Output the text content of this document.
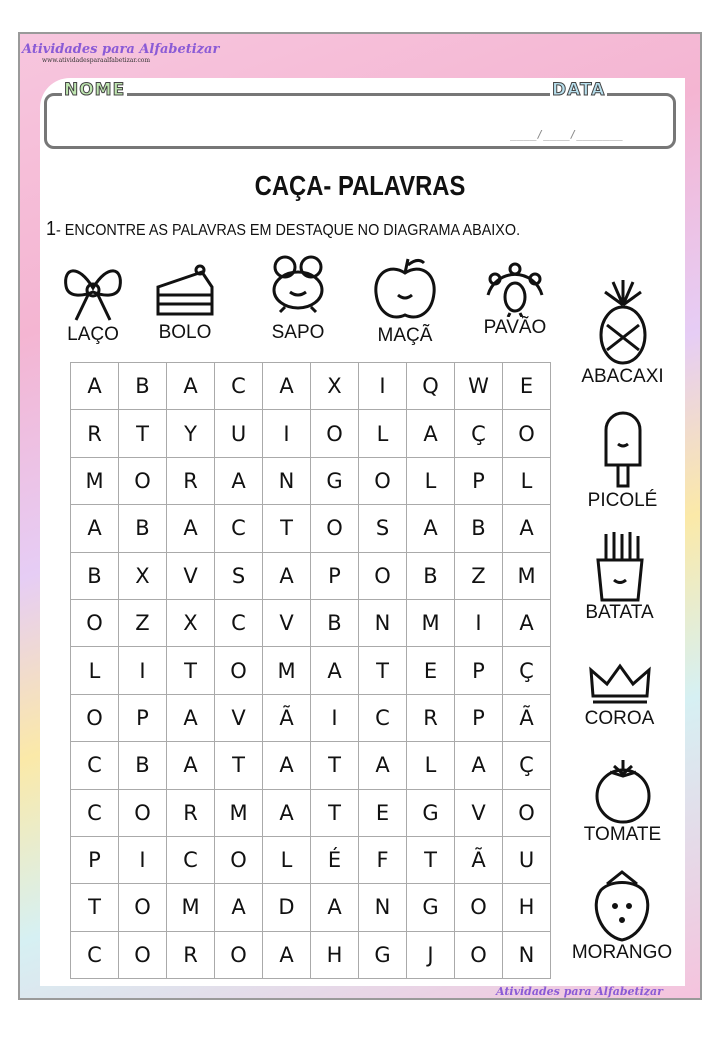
Atividades para Alfabetizar
www.atividadesparaalfabetizar.com
NOME	DATA
____/____/_______
CAÇA- PALAVRAS
1- ENCONTRE AS PALAVRAS EM DESTAQUE NO DIAGRAMA ABAIXO.
LAÇO BOLO	SAPO	MAÇÃ	PAVÃO
ABACAXI
PICOLÉ
BATATA
COROA
TOMATE
MORANGO
A	B	A	C	A	X	I	Q	W	E
R	T	Y	U	I	O	L	A	Ç	O
M	O	R	A	N	G	O	L	P	L
A	B	A	C	T	O	S	A	B	A
B	X	V	S	A	P	O	B	Z	M
O	Z	X	C	V	B	N	M	I	A
L	I	T	O	M	A	T	E	P	Ç
O	P	A	V	Ã	I	C	R	P	Ã
C	B	A	T	A	T	A	L	A	Ç
C	O	R	M	A	T	E	G	V	O
P	I	C	O	L	É	F	T	Ã	U
T	O	M	A	D	A	N	G	O	H
C	O	R	O	A	H	G	J	O	N
Atividades para Alfabetizar
